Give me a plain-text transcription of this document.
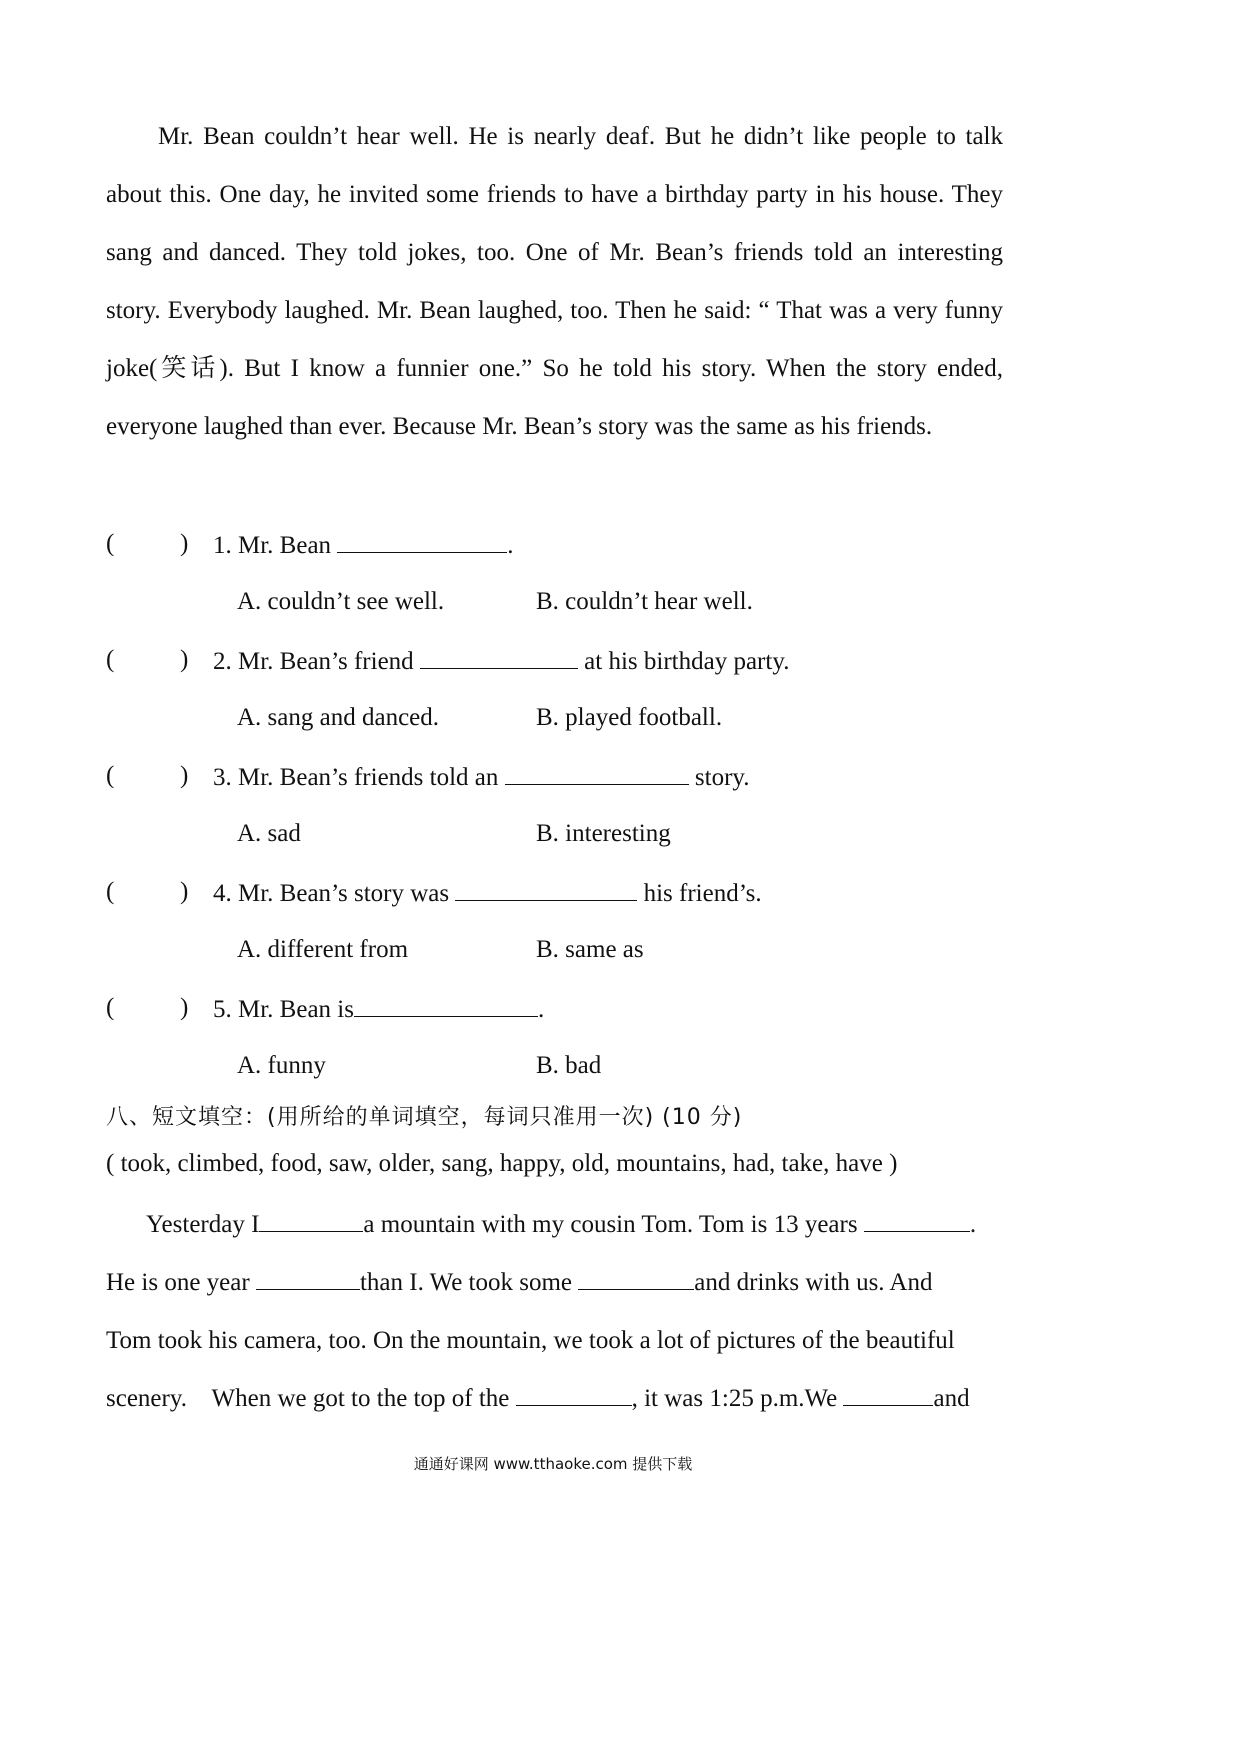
Mr. Bean couldn’t hear well. He is nearly deaf. But he didn’t like people to talk about this. One day, he invited some friends to have a birthday party in his house. They sang and danced. They told jokes, too. One of Mr. Bean’s friends told an interesting story. Everybody laughed. Mr. Bean laughed, too. Then he said: “ That was a very funny joke(笑话). But I know a funnier one.” So he told his story. When the story ended, everyone laughed than ever. Because Mr. Bean’s story was the same as his friends.

(	) 1. Mr. Bean	.
A. couldn’t see well.	B. couldn’t hear well.
(	) 2. Mr. Bean’s friend	at his birthday party.
A. sang and danced.	B. played football.
(	) 3. Mr. Bean’s friends told an	story.
A. sad	B. interesting
(	) 4. Mr. Bean’s story was	his friend’s.
A. different from	B. same as
(	) 5. Mr. Bean is	.
A. funny	B. bad
八、短文填空：(用所给的单词填空，每词只准用一次) (10 分)
( took, climbed, food, saw, older, sang, happy, old, mountains, had, take, have )
Yesterday I	a mountain with my cousin Tom. Tom is 13 years	.
He is one year	than I. We took some	and drinks with us. And
Tom took his camera, too. On the mountain, we took a lot of pictures of the beautiful
scenery.    When we got to the top of the	, it was 1:25 p.m.We	and
通通好课网 www.tthaoke.com 提供下载
